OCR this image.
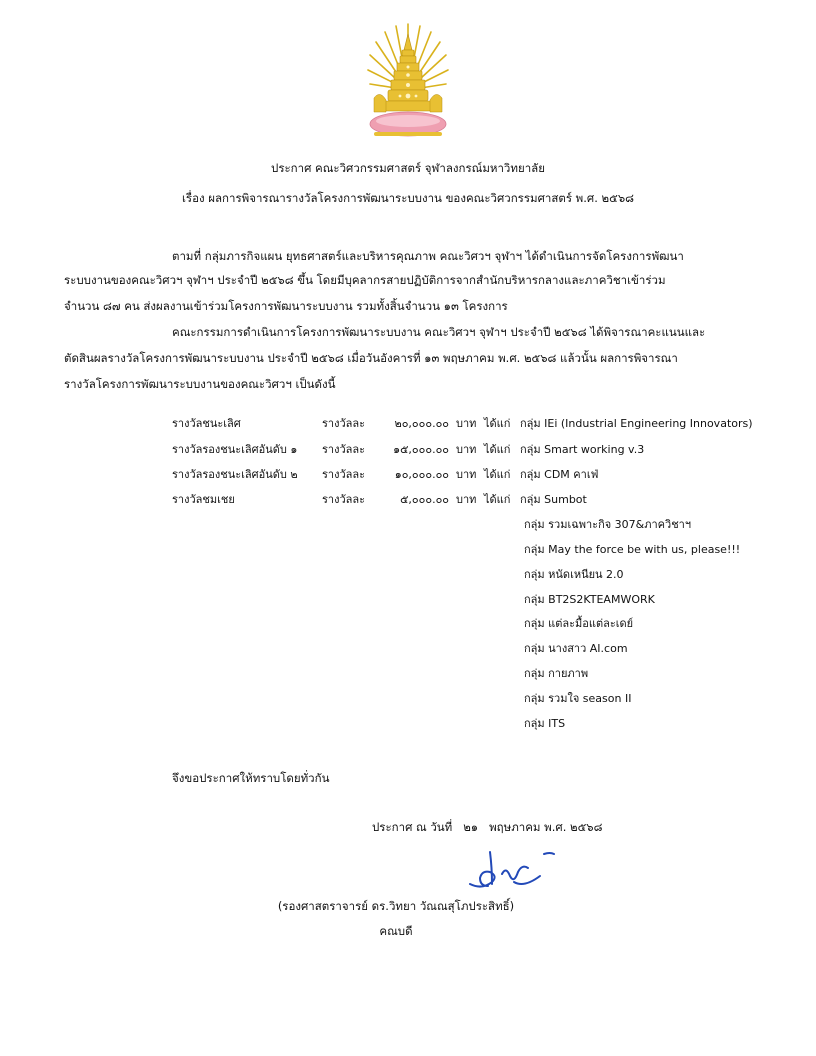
ประกาศ คณะวิศวกรรมศาสตร์ จุฬาลงกรณ์มหาวิทยาลัย
เรื่อง ผลการพิจารณารางวัลโครงการพัฒนาระบบงาน ของคณะวิศวกรรมศาสตร์ พ.ศ. ๒๕๖๘
ตามที่ กลุ่มภารกิจแผน ยุทธศาสตร์และบริหารคุณภาพ คณะวิศวฯ จุฬาฯ ได้ดำเนินการจัดโครงการพัฒนา
ระบบงานของคณะวิศวฯ จุฬาฯ ประจำปี ๒๕๖๘ ขึ้น โดยมีบุคลากรสายปฏิบัติการจากสำนักบริหารกลางและภาควิชาเข้าร่วม
จำนวน ๘๗ คน ส่งผลงานเข้าร่วมโครงการพัฒนาระบบงาน รวมทั้งสิ้นจำนวน ๑๓ โครงการ
คณะกรรมการดำเนินการโครงการพัฒนาระบบงาน คณะวิศวฯ จุฬาฯ ประจำปี ๒๕๖๘ ได้พิจารณาคะแนนและ
ตัดสินผลรางวัลโครงการพัฒนาระบบงาน ประจำปี ๒๕๖๘ เมื่อวันอังคารที่ ๑๓ พฤษภาคม พ.ศ. ๒๕๖๘ แล้วนั้น ผลการพิจารณา
รางวัลโครงการพัฒนาระบบงานของคณะวิศวฯ เป็นดังนี้
รางวัลชนะเลิศ	รางวัลละ	๒๐,๐๐๐.๐๐ บาท ได้แก่ กลุ่ม IEi (Industrial Engineering Innovators)
รางวัลรองชนะเลิศอันดับ ๑ รางวัลละ	๑๕,๐๐๐.๐๐ บาท ได้แก่ กลุ่ม Smart working v.3
รางวัลรองชนะเลิศอันดับ ๒ รางวัลละ	๑๐,๐๐๐.๐๐ บาท ได้แก่ กลุ่ม CDM คาเฟ่
รางวัลชมเชย	รางวัลละ	๕,๐๐๐.๐๐ บาท ได้แก่ กลุ่ม Sumbot
กลุ่ม รวมเฉพาะกิจ 307&ภาควิชาฯ
กลุ่ม May the force be with us, please!!!
กลุ่ม หนัดเหนียน 2.0
กลุ่ม BT2S2KTEAMWORK
กลุ่ม แต่ละมื้อแต่ละเดย์
กลุ่ม นางสาว AI.com
กลุ่ม กายภาพ
กลุ่ม รวมใจ season II
กลุ่ม ITS
จึงขอประกาศให้ทราบโดยทั่วกัน
ประกาศ ณ วันที่   ๒๑   พฤษภาคม พ.ศ. ๒๕๖๘
(รองศาสตราจารย์ ดร.วิทยา วัณณสุโภประสิทธิ์)
คณบดี
